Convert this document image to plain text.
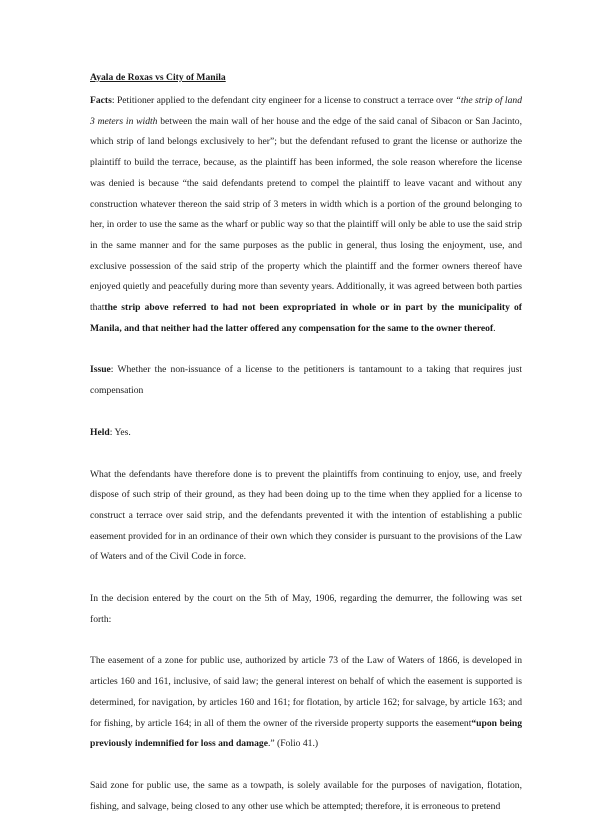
Ayala de Roxas vs City of Manila

Facts: Petitioner applied to the defendant city engineer for a license to construct a terrace over “the strip of land 3 meters in width between the main wall of her house and the edge of the said canal of Sibacon or San Jacinto, which strip of land belongs exclusively to her”; but the defendant refused to grant the license or authorize the plaintiff to build the terrace, because, as the plaintiff has been informed, the sole reason wherefore the license was denied is because “the said defendants pretend to compel the plaintiff to leave vacant and without any construction whatever thereon the said strip of 3 meters in width which is a portion of the ground belonging to her, in order to use the same as the wharf or public way so that the plaintiff will only be able to use the said strip in the same manner and for the same purposes as the public in general, thus losing the enjoyment, use, and exclusive possession of the said strip of the property which the plaintiff and the former owners thereof have enjoyed quietly and peacefully during more than seventy years. Additionally, it was agreed between both parties thatthe strip above referred to had not been expropriated in whole or in part by the municipality of Manila, and that neither had the latter offered any compensation for the same to the owner thereof.

Issue: Whether the non-issuance of a license to the petitioners is tantamount to a taking that requires just compensation

Held: Yes.

What the defendants have therefore done is to prevent the plaintiffs from continuing to enjoy, use, and freely dispose of such strip of their ground, as they had been doing up to the time when they applied for a license to construct a terrace over said strip, and the defendants prevented it with the intention of establishing a public easement provided for in an ordinance of their own which they consider is pursuant to the provisions of the Law of Waters and of the Civil Code in force.

In the decision entered by the court on the 5th of May, 1906, regarding the demurrer, the following was set forth:

The easement of a zone for public use, authorized by article 73 of the Law of Waters of 1866, is developed in articles 160 and 161, inclusive, of said law; the general interest on behalf of which the easement is supported is determined, for navigation, by articles 160 and 161; for flotation, by article 162; for salvage, by article 163; and for fishing, by article 164; in all of them the owner of the riverside property supports the easement“upon being previously indemnified for loss and damage.” (Folio 41.)

Said zone for public use, the same as a towpath, is solely available for the purposes of navigation, flotation, fishing, and salvage, being closed to any other use which be attempted; therefore, it is erroneous to pretend
